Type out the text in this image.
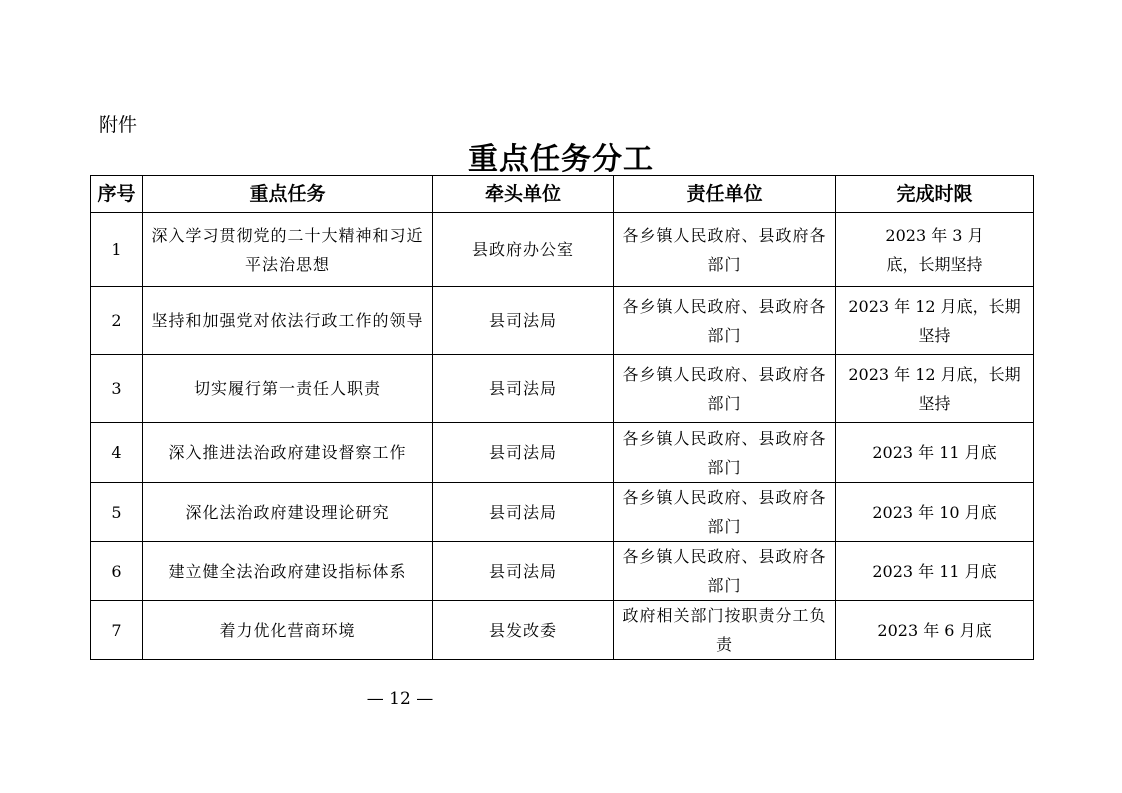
附件
重点任务分工
序号	重点任务	牵头单位	责任单位	完成时限
1	深入学习贯彻党的二十大精神和习近平法治思想	县政府办公室	各乡镇人民政府、县政府各部门	2023 年 3 月底，长期坚持
2	坚持和加强党对依法行政工作的领导	县司法局	各乡镇人民政府、县政府各部门	2023 年 12 月底，长期坚持
3	切实履行第一责任人职责	县司法局	各乡镇人民政府、县政府各部门	2023 年 12 月底，长期坚持
4	深入推进法治政府建设督察工作	县司法局	各乡镇人民政府、县政府各部门	2023 年 11 月底
5	深化法治政府建设理论研究	县司法局	各乡镇人民政府、县政府各部门	2023 年 10 月底
6	建立健全法治政府建设指标体系	县司法局	各乡镇人民政府、县政府各部门	2023 年 11 月底
7	着力优化营商环境	县发改委	政府相关部门按职责分工负责	2023 年 6 月底
— 12 —
